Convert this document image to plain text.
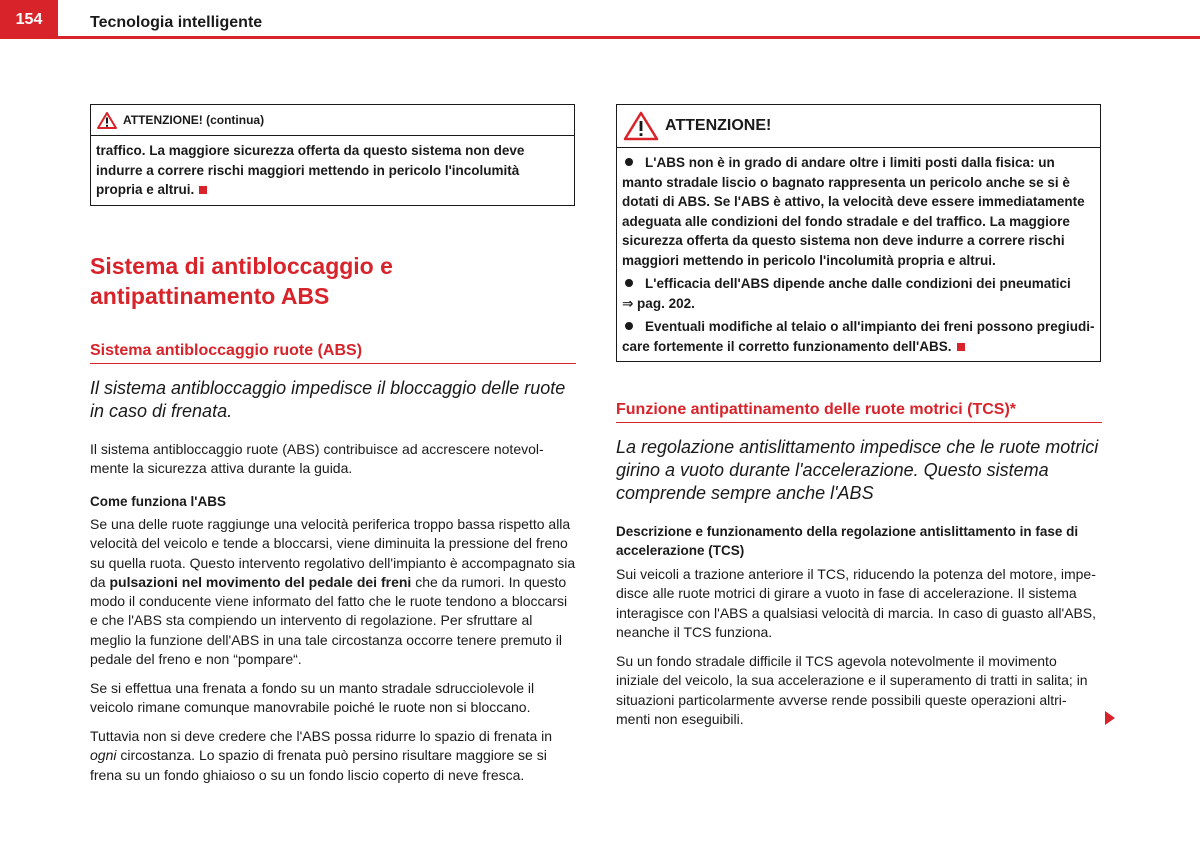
154	Tecnologia intelligente
ATTENZIONE! (continua)
traffico. La maggiore sicurezza offerta da questo sistema non deve indurre a correre rischi maggiori mettendo in pericolo l'incolumità propria e altrui.
Sistema di antibloccaggio e antipattinamento ABS
Sistema antibloccaggio ruote (ABS)
Il sistema antibloccaggio impedisce il bloccaggio delle ruote in caso di frenata.
Il sistema antibloccaggio ruote (ABS) contribuisce ad accrescere notevol- mente la sicurezza attiva durante la guida.
Come funziona l'ABS
Se una delle ruote raggiunge una velocità periferica troppo bassa rispetto alla velocità del veicolo e tende a bloccarsi, viene diminuita la pressione del freno su quella ruota. Questo intervento regolativo dell'impianto è accompagnato sia da pulsazioni nel movimento del pedale dei freni che da rumori. In questo modo il conducente viene informato del fatto che le ruote tendono a bloccarsi e che l'ABS sta compiendo un intervento di regolazione. Per sfruttare al meglio la funzione dell'ABS in una tale circostanza occorre tenere premuto il pedale del freno e non “pompare“.
Se si effettua una frenata a fondo su un manto stradale sdrucciolevole il veicolo rimane comunque manovrabile poiché le ruote non si bloccano.
Tuttavia non si deve credere che l'ABS possa ridurre lo spazio di frenata in ogni circostanza. Lo spazio di frenata può persino risultare maggiore se si frena su un fondo ghiaioso o su un fondo liscio coperto di neve fresca.
ATTENZIONE!
L'ABS non è in grado di andare oltre i limiti posti dalla fisica: un manto stradale liscio o bagnato rappresenta un pericolo anche se si è dotati di ABS. Se l'ABS è attivo, la velocità deve essere immediatamente adeguata alle condizioni del fondo stradale e del traffico. La maggiore sicurezza offerta da questo sistema non deve indurre a correre rischi maggiori mettendo in pericolo l'incolumità propria e altrui.
L'efficacia dell'ABS dipende anche dalle condizioni dei pneumatici
⇒ pag. 202.
Eventuali modifiche al telaio o all'impianto dei freni possono pregiudi- care fortemente il corretto funzionamento dell'ABS.
Funzione antipattinamento delle ruote motrici (TCS)*
La regolazione antislittamento impedisce che le ruote motrici girino a vuoto durante l'accelerazione. Questo sistema comprende sempre anche l'ABS
Descrizione e funzionamento della regolazione antislittamento in fase di accelerazione (TCS)
Sui veicoli a trazione anteriore il TCS, riducendo la potenza del motore, impe- disce alle ruote motrici di girare a vuoto in fase di accelerazione. Il sistema interagisce con l'ABS a qualsiasi velocità di marcia. In caso di guasto all'ABS, neanche il TCS funziona.
Su un fondo stradale difficile il TCS agevola notevolmente il movimento iniziale del veicolo, la sua accelerazione e il superamento di tratti in salita; in situazioni particolarmente avverse rende possibili queste operazioni altri- menti non eseguibili.
